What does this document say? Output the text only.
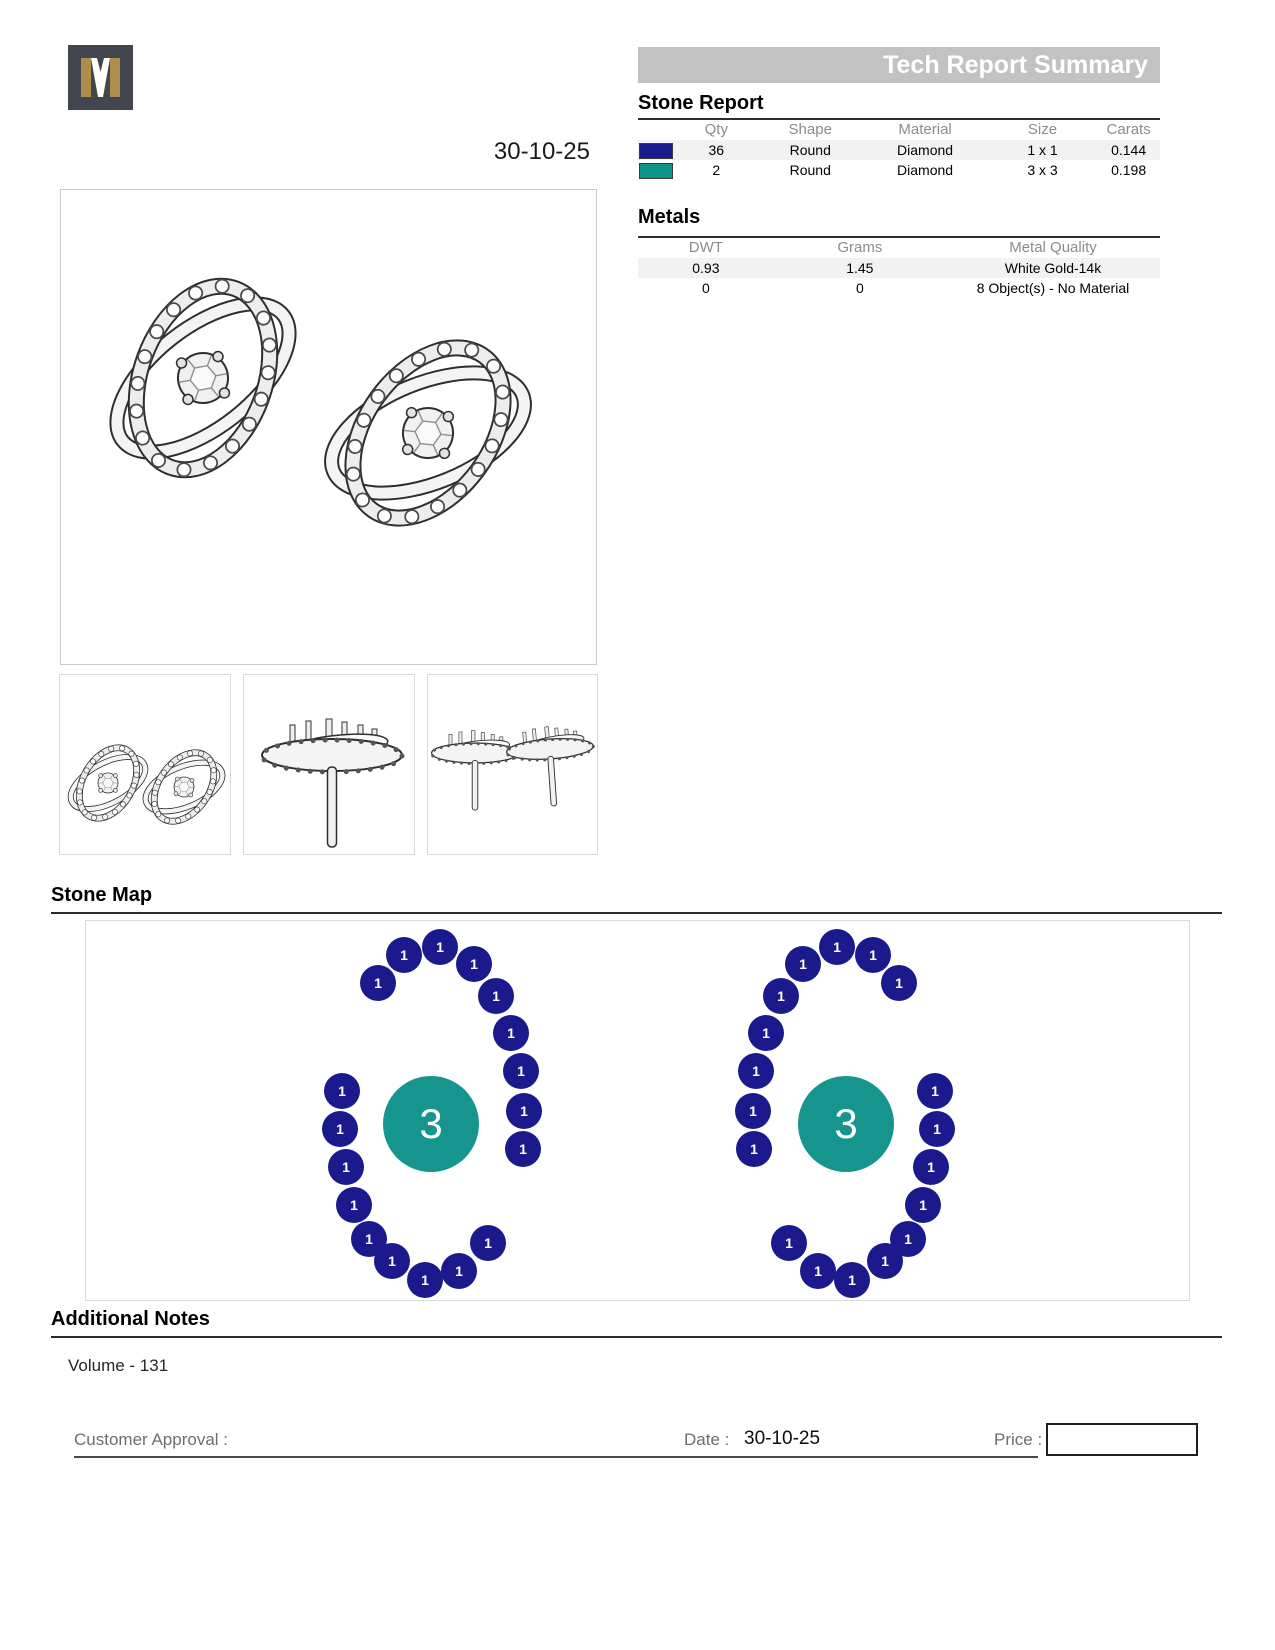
30-10-25
Tech Report Summary
Stone Report
Qty	Shape	Material	Size	Carats
36	Round	Diamond	1 x 1	0.144
2	Round	Diamond	3 x 3	0.198
Metals
DWT	Grams	Metal Quality
0.93	1.45	White Gold-14k
0	0	8 Object(s) - No Material
Stone Map
1
1	1
1
1
1
1
1
1
1
1
1
1
1
1
1
1
1
3
1
1
1
1
1
1
1
1
1
1
1
1
1
1
1
1
1
1
3
Additional Notes
Volume - 131
Customer Approval :	Date : 30-10-25	Price :
